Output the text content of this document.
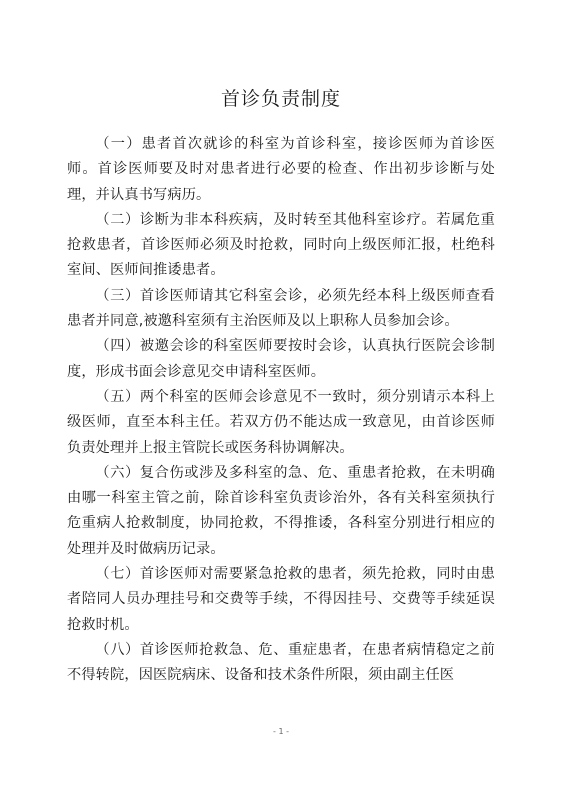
首诊负责制度

（一）患者首次就诊的科室为首诊科室，接诊医师为首诊医师。首诊医师要及时对患者进行必要的检查、作出初步诊断与处理，并认真书写病历。

（二）诊断为非本科疾病，及时转至其他科室诊疗。若属危重抢救患者，首诊医师必须及时抢救，同时向上级医师汇报，杜绝科室间、医师间推诿患者。

（三）首诊医师请其它科室会诊，必须先经本科上级医师查看患者并同意,被邀科室须有主治医师及以上职称人员参加会诊。

（四）被邀会诊的科室医师要按时会诊，认真执行医院会诊制度，形成书面会诊意见交申请科室医师。

（五）两个科室的医师会诊意见不一致时，须分别请示本科上级医师，直至本科主任。若双方仍不能达成一致意见，由首诊医师负责处理并上报主管院长或医务科协调解决。

（六）复合伤或涉及多科室的急、危、重患者抢救，在未明确由哪一科室主管之前，除首诊科室负责诊治外，各有关科室须执行危重病人抢救制度，协同抢救，不得推诿，各科室分别进行相应的处理并及时做病历记录。

（七）首诊医师对需要紧急抢救的患者，须先抢救，同时由患者陪同人员办理挂号和交费等手续，不得因挂号、交费等手续延误抢救时机。

（八）首诊医师抢救急、危、重症患者，在患者病情稳定之前不得转院，因医院病床、设备和技术条件所限，须由副主任医

- 1 -
